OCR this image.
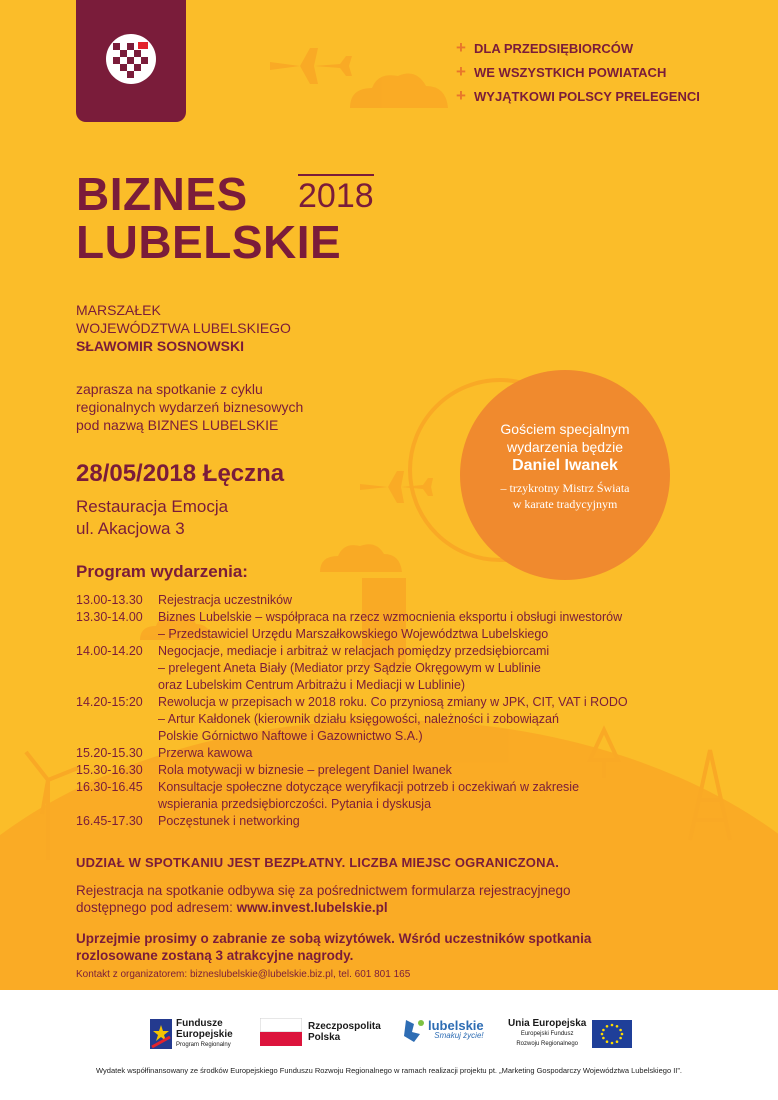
+ DLA PRZEDSIĘBIORCÓW
+ WE WSZYSTKICH POWIATACH
+ WYJĄTKOWI POLSCY PRELEGENCI
BIZNES	2018
LUBELSKIE
MARSZAŁEK
WOJEWÓDZTWA LUBELSKIEGO
SŁAWOMIR SOSNOWSKI
zaprasza na spotkanie z cyklu
regionalnych wydarzeń biznesowych
pod nazwą BIZNES LUBELSKIE
28/05/2018 Łęczna
Restauracja Emocja
ul. Akacjowa 3
Gościem specjalnym
wydarzenia będzie
Daniel Iwanek
– trzykrotny Mistrz Świata
w karate tradycyjnym
Program wydarzenia:
13.00-13.30	Rejestracja uczestników
13.30-14.00	Biznes Lubelskie – współpraca na rzecz wzmocnienia eksportu i obsługi inwestorów
– Przedstawiciel Urzędu Marszałkowskiego Województwa Lubelskiego
14.00-14.20	Negocjacje, mediacje i arbitraż w relacjach pomiędzy przedsiębiorcami
– prelegent Aneta Biały (Mediator przy Sądzie Okręgowym w Lublinie
oraz Lubelskim Centrum Arbitrażu i Mediacji w Lublinie)
14.20-15:20	Rewolucja w przepisach w 2018 roku. Co przyniosą zmiany w JPK, CIT, VAT i RODO
– Artur Kałdonek (kierownik działu księgowości, należności i zobowiązań
Polskie Górnictwo Naftowe i Gazownictwo S.A.)
15.20-15.30	Przerwa kawowa
15.30-16.30	Rola motywacji w biznesie – prelegent Daniel Iwanek
16.30-16.45	Konsultacje społeczne dotyczące weryfikacji potrzeb i oczekiwań w zakresie
wspierania przedsiębiorczości. Pytania i dyskusja
16.45-17.30	Poczęstunek i networking
UDZIAŁ W SPOTKANIU JEST BEZPŁATNY. LICZBA MIEJSC OGRANICZONA.
Rejestracja na spotkanie odbywa się za pośrednictwem formularza rejestracyjnego
dostępnego pod adresem: www.invest.lubelskie.pl
Uprzejmie prosimy o zabranie ze sobą wizytówek. Wśród uczestników spotkania
rozlosowane zostaną 3 atrakcyjne nagrody.
Kontakt z organizatorem: bizneslubelskie@lubelskie.biz.pl, tel. 601 801 165
Fundusze
Europejskie
Program Regionalny
Rzeczpospolita
Polska
lubelskie
Smakuj życie!
Unia Europejska
Europejski Fundusz
Rozwoju Regionalnego
Wydatek współfinansowany ze środków Europejskiego Funduszu Rozwoju Regionalnego w ramach realizacji projektu pt. „Marketing Gospodarczy Województwa Lubelskiego II”.
